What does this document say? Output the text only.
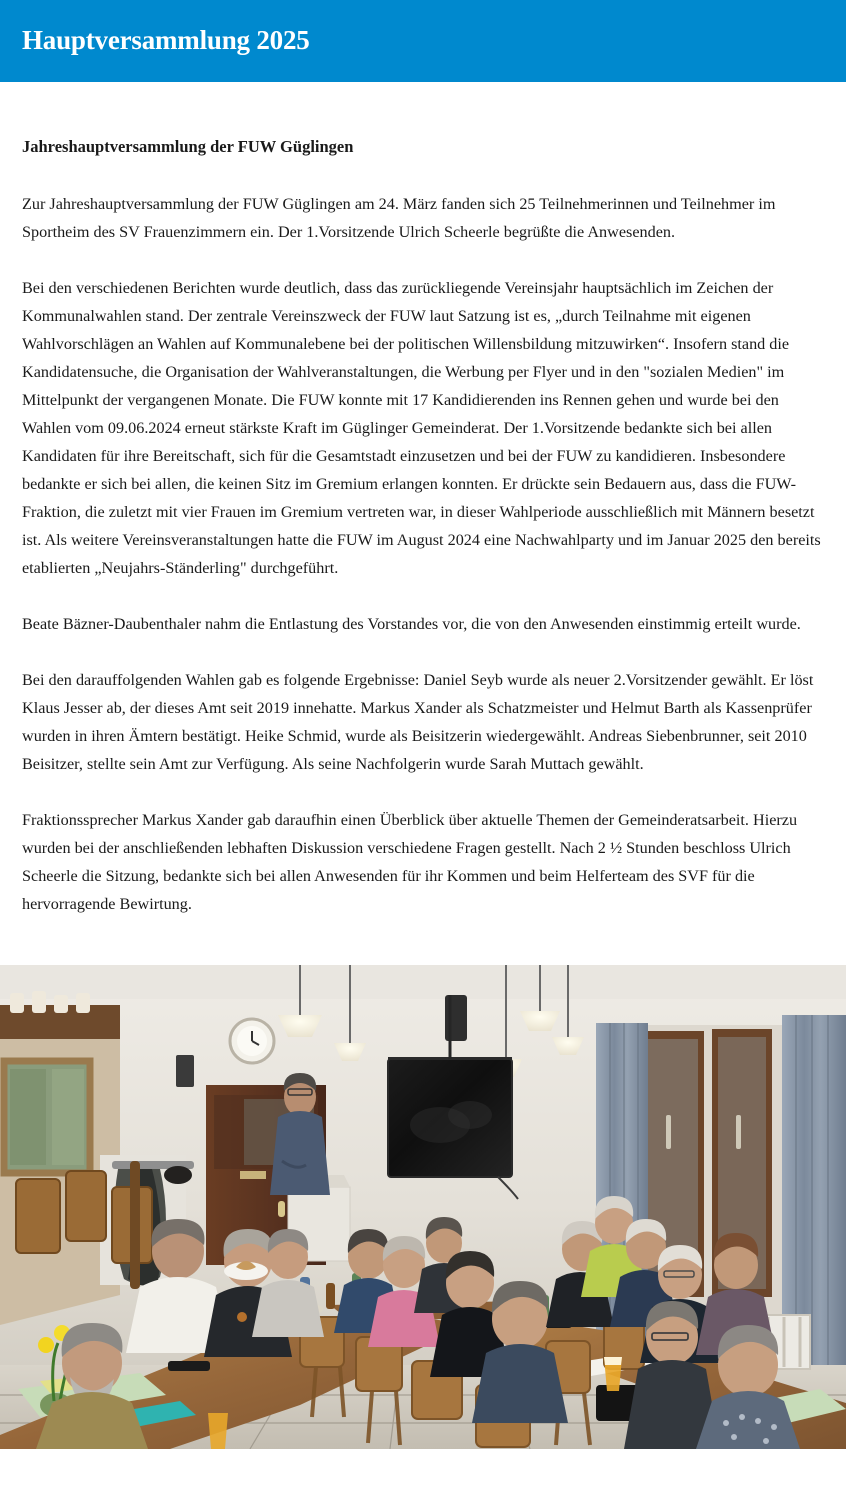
Hauptversammlung 2025

Jahreshauptversammlung der FUW Güglingen

Zur Jahreshauptversammlung der FUW Güglingen am 24. März fanden sich 25 Teilnehmerinnen und Teilnehmer im Sportheim des SV Frauenzimmern ein. Der 1.Vorsitzende Ulrich Scheerle begrüßte die Anwesenden.

Bei den verschiedenen Berichten wurde deutlich, dass das zurückliegende Vereinsjahr hauptsächlich im Zeichen der Kommunalwahlen stand. Der zentrale Vereinszweck der FUW laut Satzung ist es, „durch Teilnahme mit eigenen Wahlvorschlägen an Wahlen auf Kommunalebene bei der politischen Willensbildung mitzuwirken“. Insofern stand die Kandidatensuche, die Organisation der Wahlveranstaltungen, die Werbung per Flyer und in den "sozialen Medien" im Mittelpunkt der vergangenen Monate. Die FUW konnte mit 17 Kandidierenden ins Rennen gehen und wurde bei den Wahlen vom 09.06.2024 erneut stärkste Kraft im Güglinger Gemeinderat. Der 1.Vorsitzende bedankte sich bei allen Kandidaten für ihre Bereitschaft, sich für die Gesamtstadt einzusetzen und bei der FUW zu kandidieren. Insbesondere bedankte er sich bei allen, die keinen Sitz im Gremium erlangen konnten. Er drückte sein Bedauern aus, dass die FUW-Fraktion, die zuletzt mit vier Frauen im Gremium vertreten war, in dieser Wahlperiode ausschließlich mit Männern besetzt ist. Als weitere Vereinsveranstaltungen hatte die FUW im August 2024 eine Nachwahlparty und im Januar 2025 den bereits etablierten „Neujahrs-Ständerling" durchgeführt.

Beate Bäzner-Daubenthaler nahm die Entlastung des Vorstandes vor, die von den Anwesenden einstimmig erteilt wurde.

Bei den darauffolgenden Wahlen gab es folgende Ergebnisse: Daniel Seyb wurde als neuer 2.Vorsitzender gewählt. Er löst Klaus Jesser ab, der dieses Amt seit 2019 innehatte. Markus Xander als Schatzmeister und Helmut Barth als Kassenprüfer wurden in ihren Ämtern bestätigt. Heike Schmid, wurde als Beisitzerin wiedergewählt. Andreas Siebenbrunner, seit 2010 Beisitzer, stellte sein Amt zur Verfügung. Als seine Nachfolgerin wurde Sarah Muttach gewählt.

Fraktionssprecher Markus Xander gab daraufhin einen Überblick über aktuelle Themen der Gemeinderatsarbeit. Hierzu wurden bei der anschließenden lebhaften Diskussion verschiedene Fragen gestellt. Nach 2 ½ Stunden beschloss Ulrich Scheerle die Sitzung, bedankte sich bei allen Anwesenden für ihr Kommen und beim Helferteam des SVF für die hervorragende Bewirtung.
